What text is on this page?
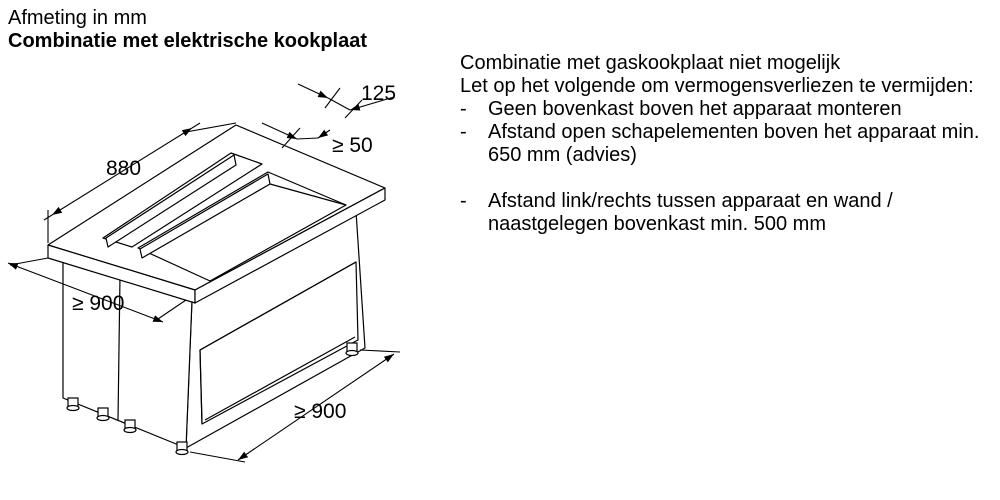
Afmeting in mm
Combinatie met elektrische kookplaat
125
≥ 50
880
≥ 900
≥ 900

Combinatie met gaskookplaat niet mogelijk

Let op het volgende om vermogensverliezen te vermijden:

- Geen bovenkast boven het apparaat monteren
- Afstand open schapelementen boven het apparaat min. 650 mm (advies)
- Afstand link/rechts tussen apparaat en wand / naastgelegen bovenkast min. 500 mm
